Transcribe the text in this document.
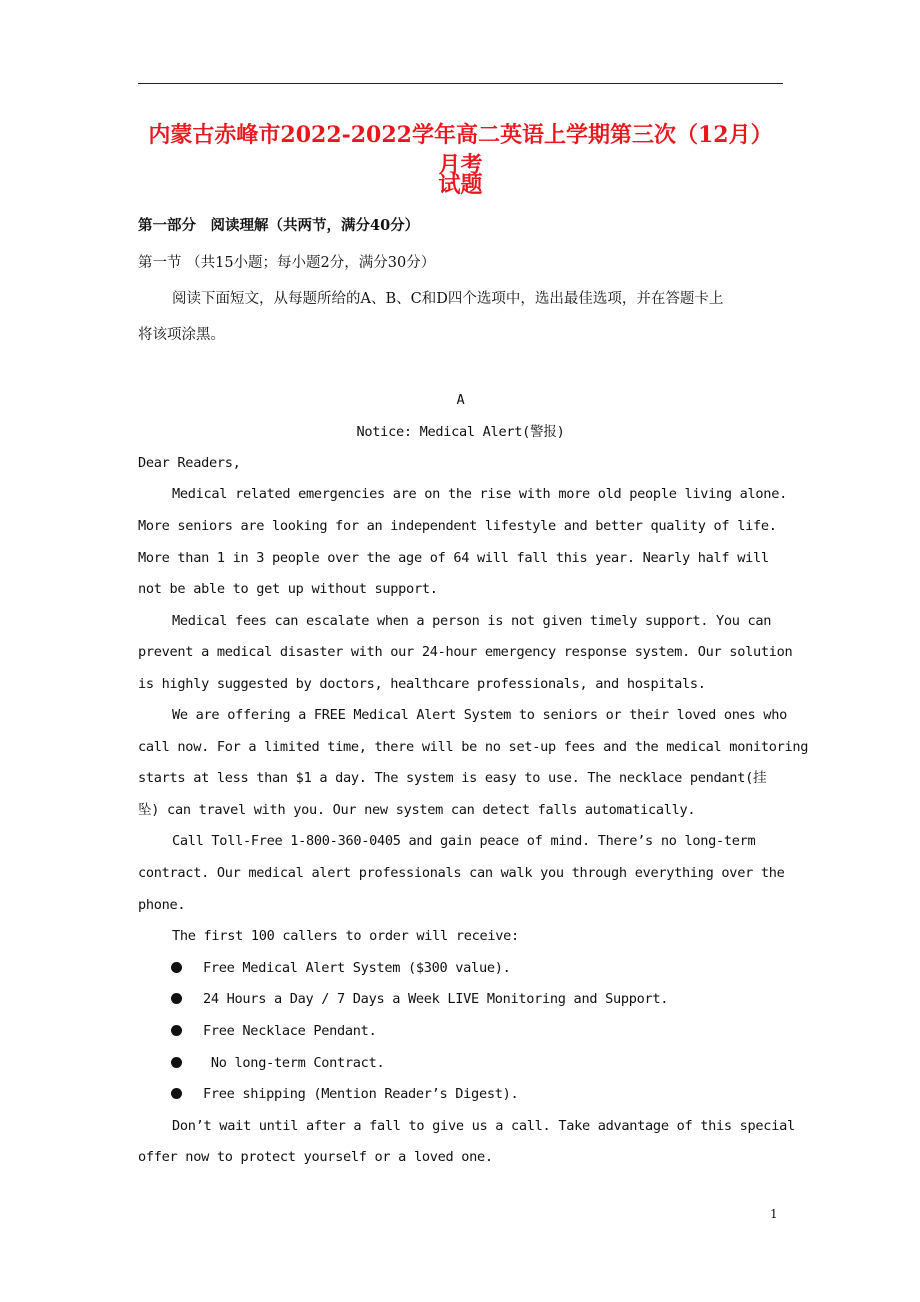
内蒙古赤峰市2022-2022学年高二英语上学期第三次（12月）月考
试题
第一部分　阅读理解（共两节，满分40分）
第一节 （共15小题；每小题2分，满分30分）
阅读下面短文，从每题所给的A、B、C和D四个选项中，选出最佳选项，并在答题卡上
将该项涂黑。
A
Notice: Medical Alert(警报)
Dear Readers,
Medical related emergencies are on the rise with more old people living alone.
More seniors are looking for an independent lifestyle and better quality of life.
More than 1 in 3 people over the age of 64 will fall this year. Nearly half will
not be able to get up without support.
Medical fees can escalate when a person is not given timely support. You can
prevent a medical disaster with our 24-hour emergency response system. Our solution
is highly suggested by doctors, healthcare professionals, and hospitals.
We are offering a FREE Medical Alert System to seniors or their loved ones who
call now. For a limited time, there will be no set-up fees and the medical monitoring
starts at less than $1 a day. The system is easy to use. The necklace pendant(挂
坠) can travel with you. Our new system can detect falls automatically.
Call Toll-Free 1-800-360-0405 and gain peace of mind. There’s no long-term
contract. Our medical alert professionals can walk you through everything over the
phone.
The first 100 callers to order will receive:
Free Medical Alert System ($300 value).
24 Hours a Day / 7 Days a Week LIVE Monitoring and Support.
Free Necklace Pendant.
No long-term Contract.
Free shipping (Mention Reader’s Digest).
Don’t wait until after a fall to give us a call. Take advantage of this special
offer now to protect yourself or a loved one.
1
